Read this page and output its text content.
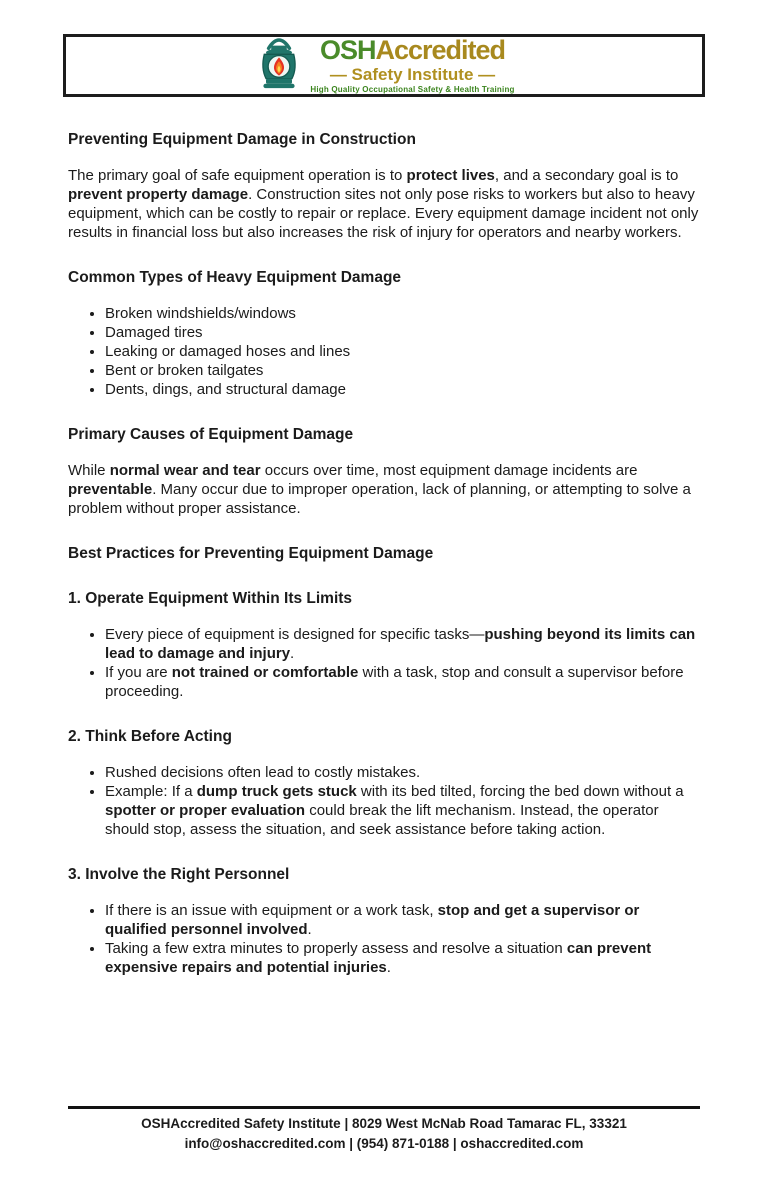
OSHAccredited
— Safety Institute —
High Quality Occupational Safety & Health Training
Preventing Equipment Damage in Construction

The primary goal of safe equipment operation is to protect lives, and a secondary goal is to prevent property damage. Construction sites not only pose risks to workers but also to heavy equipment, which can be costly to repair or replace. Every equipment damage incident not only results in financial loss but also increases the risk of injury for operators and nearby workers.

Common Types of Heavy Equipment Damage
Broken windshields/windows
Damaged tires
Leaking or damaged hoses and lines
Bent or broken tailgates
Dents, dings, and structural damage
Primary Causes of Equipment Damage

While normal wear and tear occurs over time, most equipment damage incidents are preventable. Many occur due to improper operation, lack of planning, or attempting to solve a problem without proper assistance.

Best Practices for Preventing Equipment Damage
1. Operate Equipment Within Its Limits
Every piece of equipment is designed for specific tasks—pushing beyond its limits can lead to damage and injury.
If you are not trained or comfortable with a task, stop and consult a supervisor before proceeding.
2. Think Before Acting
Rushed decisions often lead to costly mistakes.
Example: If a dump truck gets stuck with its bed tilted, forcing the bed down without a spotter or proper evaluation could break the lift mechanism. Instead, the operator should stop, assess the situation, and seek assistance before taking action.
3. Involve the Right Personnel
If there is an issue with equipment or a work task, stop and get a supervisor or qualified personnel involved.
Taking a few extra minutes to properly assess and resolve a situation can prevent expensive repairs and potential injuries.
OSHAccredited Safety Institute | 8029 West McNab Road Tamarac FL, 33321
info@oshaccredited.com | (954) 871-0188 | oshaccredited.com
